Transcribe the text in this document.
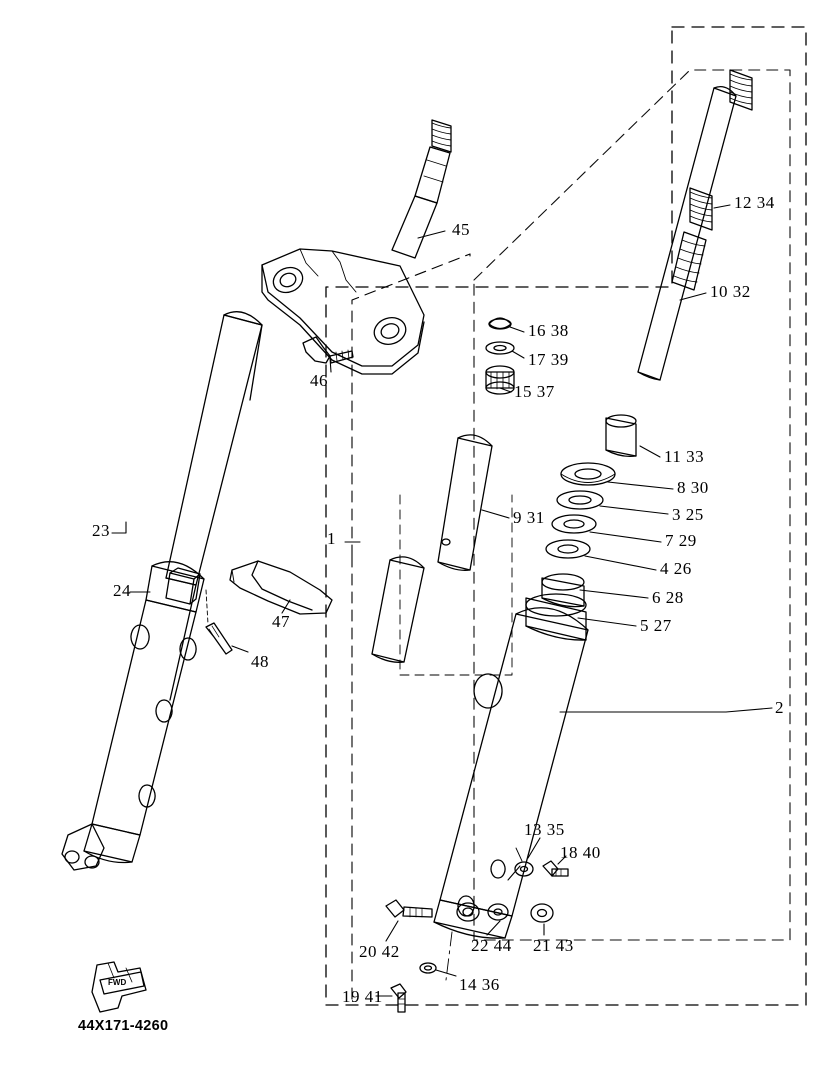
45
46
1
23
24
47
48
16 38
17 39
15 37
9 31
12 34
10 32
11 33
8 30
3 25
7 29
4 26
6 28
5 27
2
13 35
18 40
20 42	22 44 21 43
14 36
19 41
FWD
44X171-4260
